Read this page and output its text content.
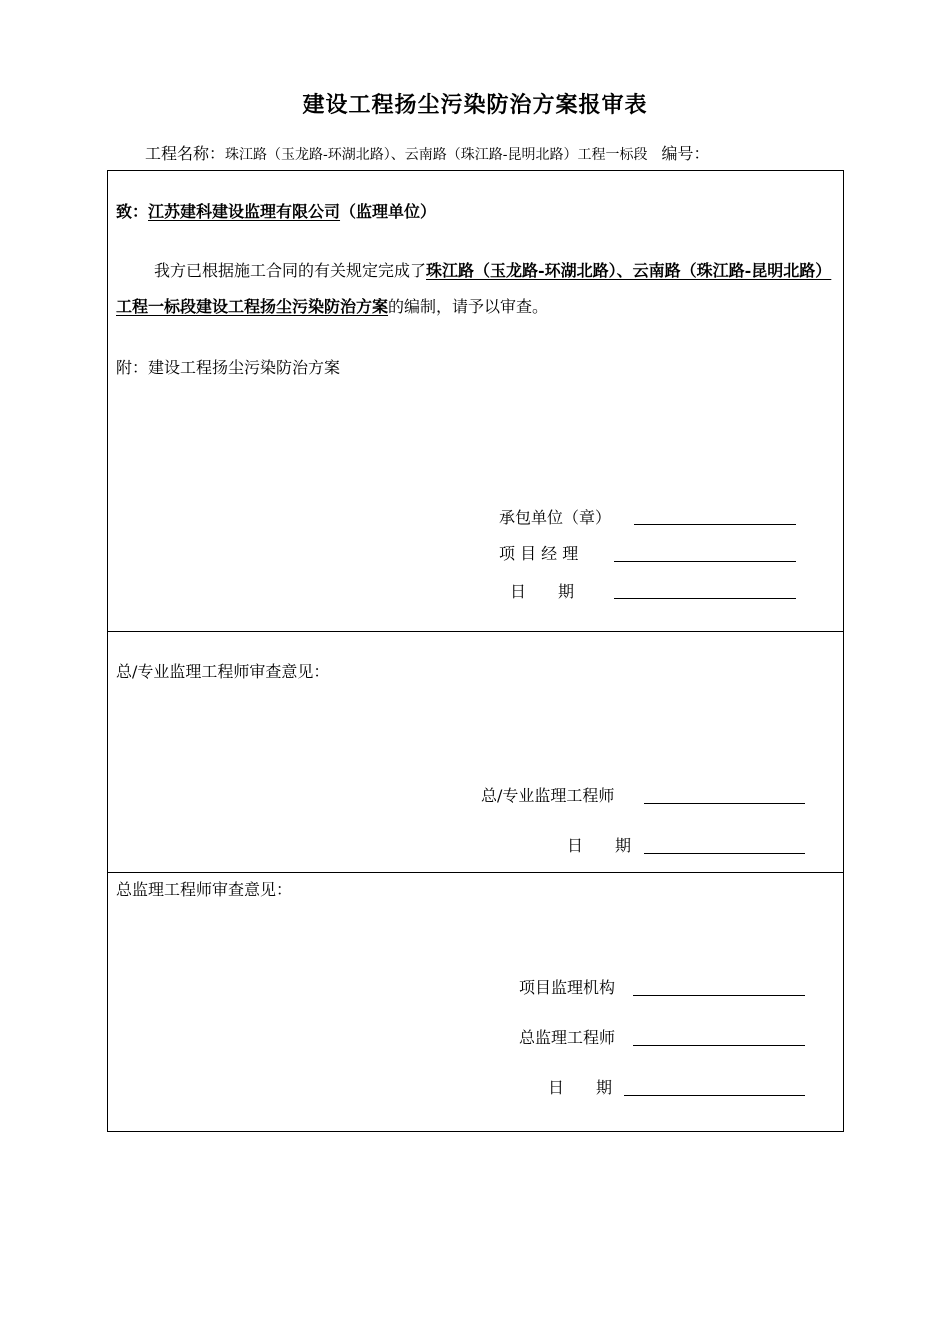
建设工程扬尘污染防治方案报审表
工程名称：珠江路（玉龙路-环湖北路）、云南路（珠江路-昆明北路）工程一标段 编号：
致：江苏建科建设监理有限公司（监理单位）
我方已根据施工合同的有关规定完成了珠江路（玉龙路-环湖北路）、云南路（珠江路-昆明北路）工程一标段建设工程扬尘污染防治方案的编制，请予以审查。
附：建设工程扬尘污染防治方案
承包单位（章）
项 目 经 理
日　　期
总/专业监理工程师审查意见：
总/专业监理工程师
日　　期
总监理工程师审查意见：
项目监理机构
总监理工程师
日　　期
